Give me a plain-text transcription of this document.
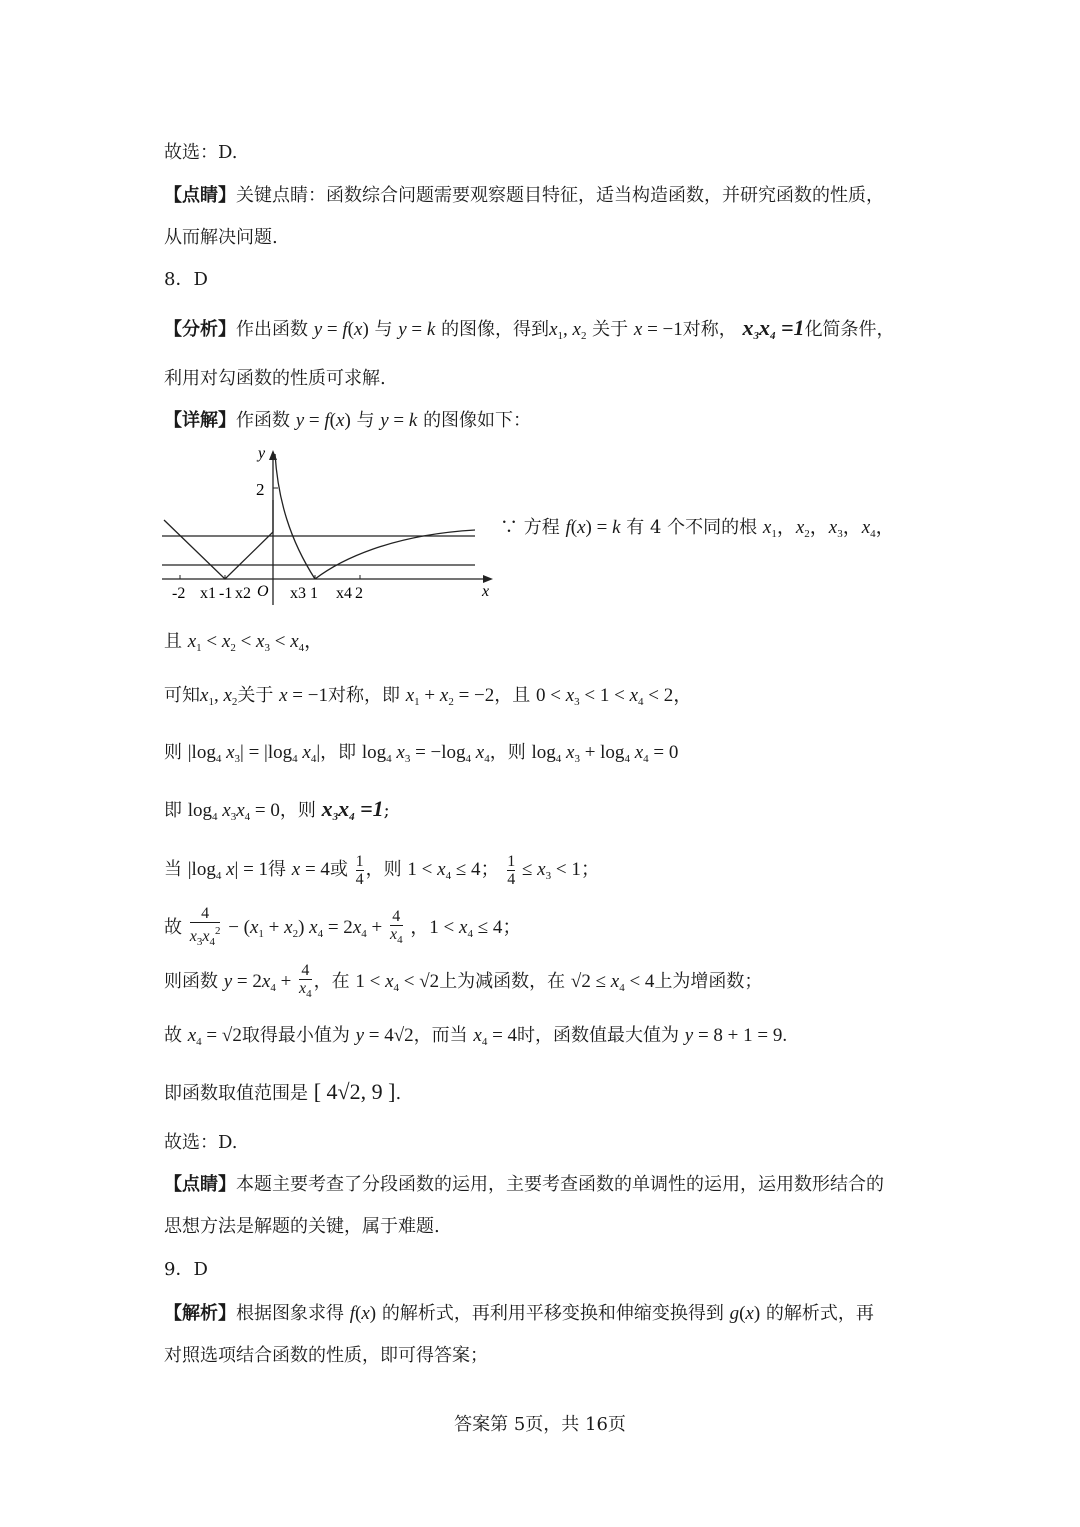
故选：D.
【点睛】关键点睛：函数综合问题需要观察题目特征，适当构造函数，并研究函数的性质，
从而解决问题.
8．D
【分析】作出函数 y = f(x) 与 y = k 的图像，得到$x_1$, $x_2$ 关于 x = −1对称， $x_3x_4 =1$化简条件，
利用对勾函数的性质可求解.
【详解】作函数 y = f(x) 与 y = k 的图像如下：
y
x
2
-2 x1 -1 x2 O x3 1 x4 2
∵ 方程 f(x) = k 有 4 个不同的根 $x_1$，$x_2$，$x_3$，$x_4$，
且 $x_1 < x_2 < x_3 < x_4$，
可知$x_1$, $x_2$关于 x = −1对称，即 $x_1 + x_2 = -2$，且 $0 < x_3 < 1 < x_4 < 2$，
则 $|\log_4$ $x_3| = |\log_4$ $x_4|$，即 $\log_4 x_3 = -\log_4$ $x_4$，则 $\log_4 x_3 + \log_4 x_4 = 0$
即 $\log_4 x_3x_4 = 0$，则 $x_3x_4 =1$;
当 $|\log_4$ x| = 1得 x = 4或 $\frac{1}{4}$ ，则 $1 < x_4 \le 4$； $\frac{1}{4} \le x_3 < 1$；
故 $\frac{4}{x_3x_4^2} - (x_1 + x_2) x_4 = 2x_4 + \frac{4}{x_4}$ ，$1 < x_4 \le 4$；
则函数 $y = 2x_4 + \frac{4}{x_4}$ ，在 $1 < x_4 < √2$上为减函数，在 $√2 \le x_4 < 4$上为增函数；
故 $x_4 = √2$取得最小值为 y = 4√2，而当 $x_4 = 4$时，函数值最大值为 y = 8 + 1 = 9.
即函数取值范围是 [ 4√2, 9 ].
故选：D.
【点睛】本题主要考查了分段函数的运用，主要考查函数的单调性的运用，运用数形结合的
思想方法是解题的关键，属于难题.
9．D
【解析】根据图象求得 f(x) 的解析式，再利用平移变换和伸缩变换得到 g(x) 的解析式，再
对照选项结合函数的性质，即可得答案；
答案第 5页，共 16页
